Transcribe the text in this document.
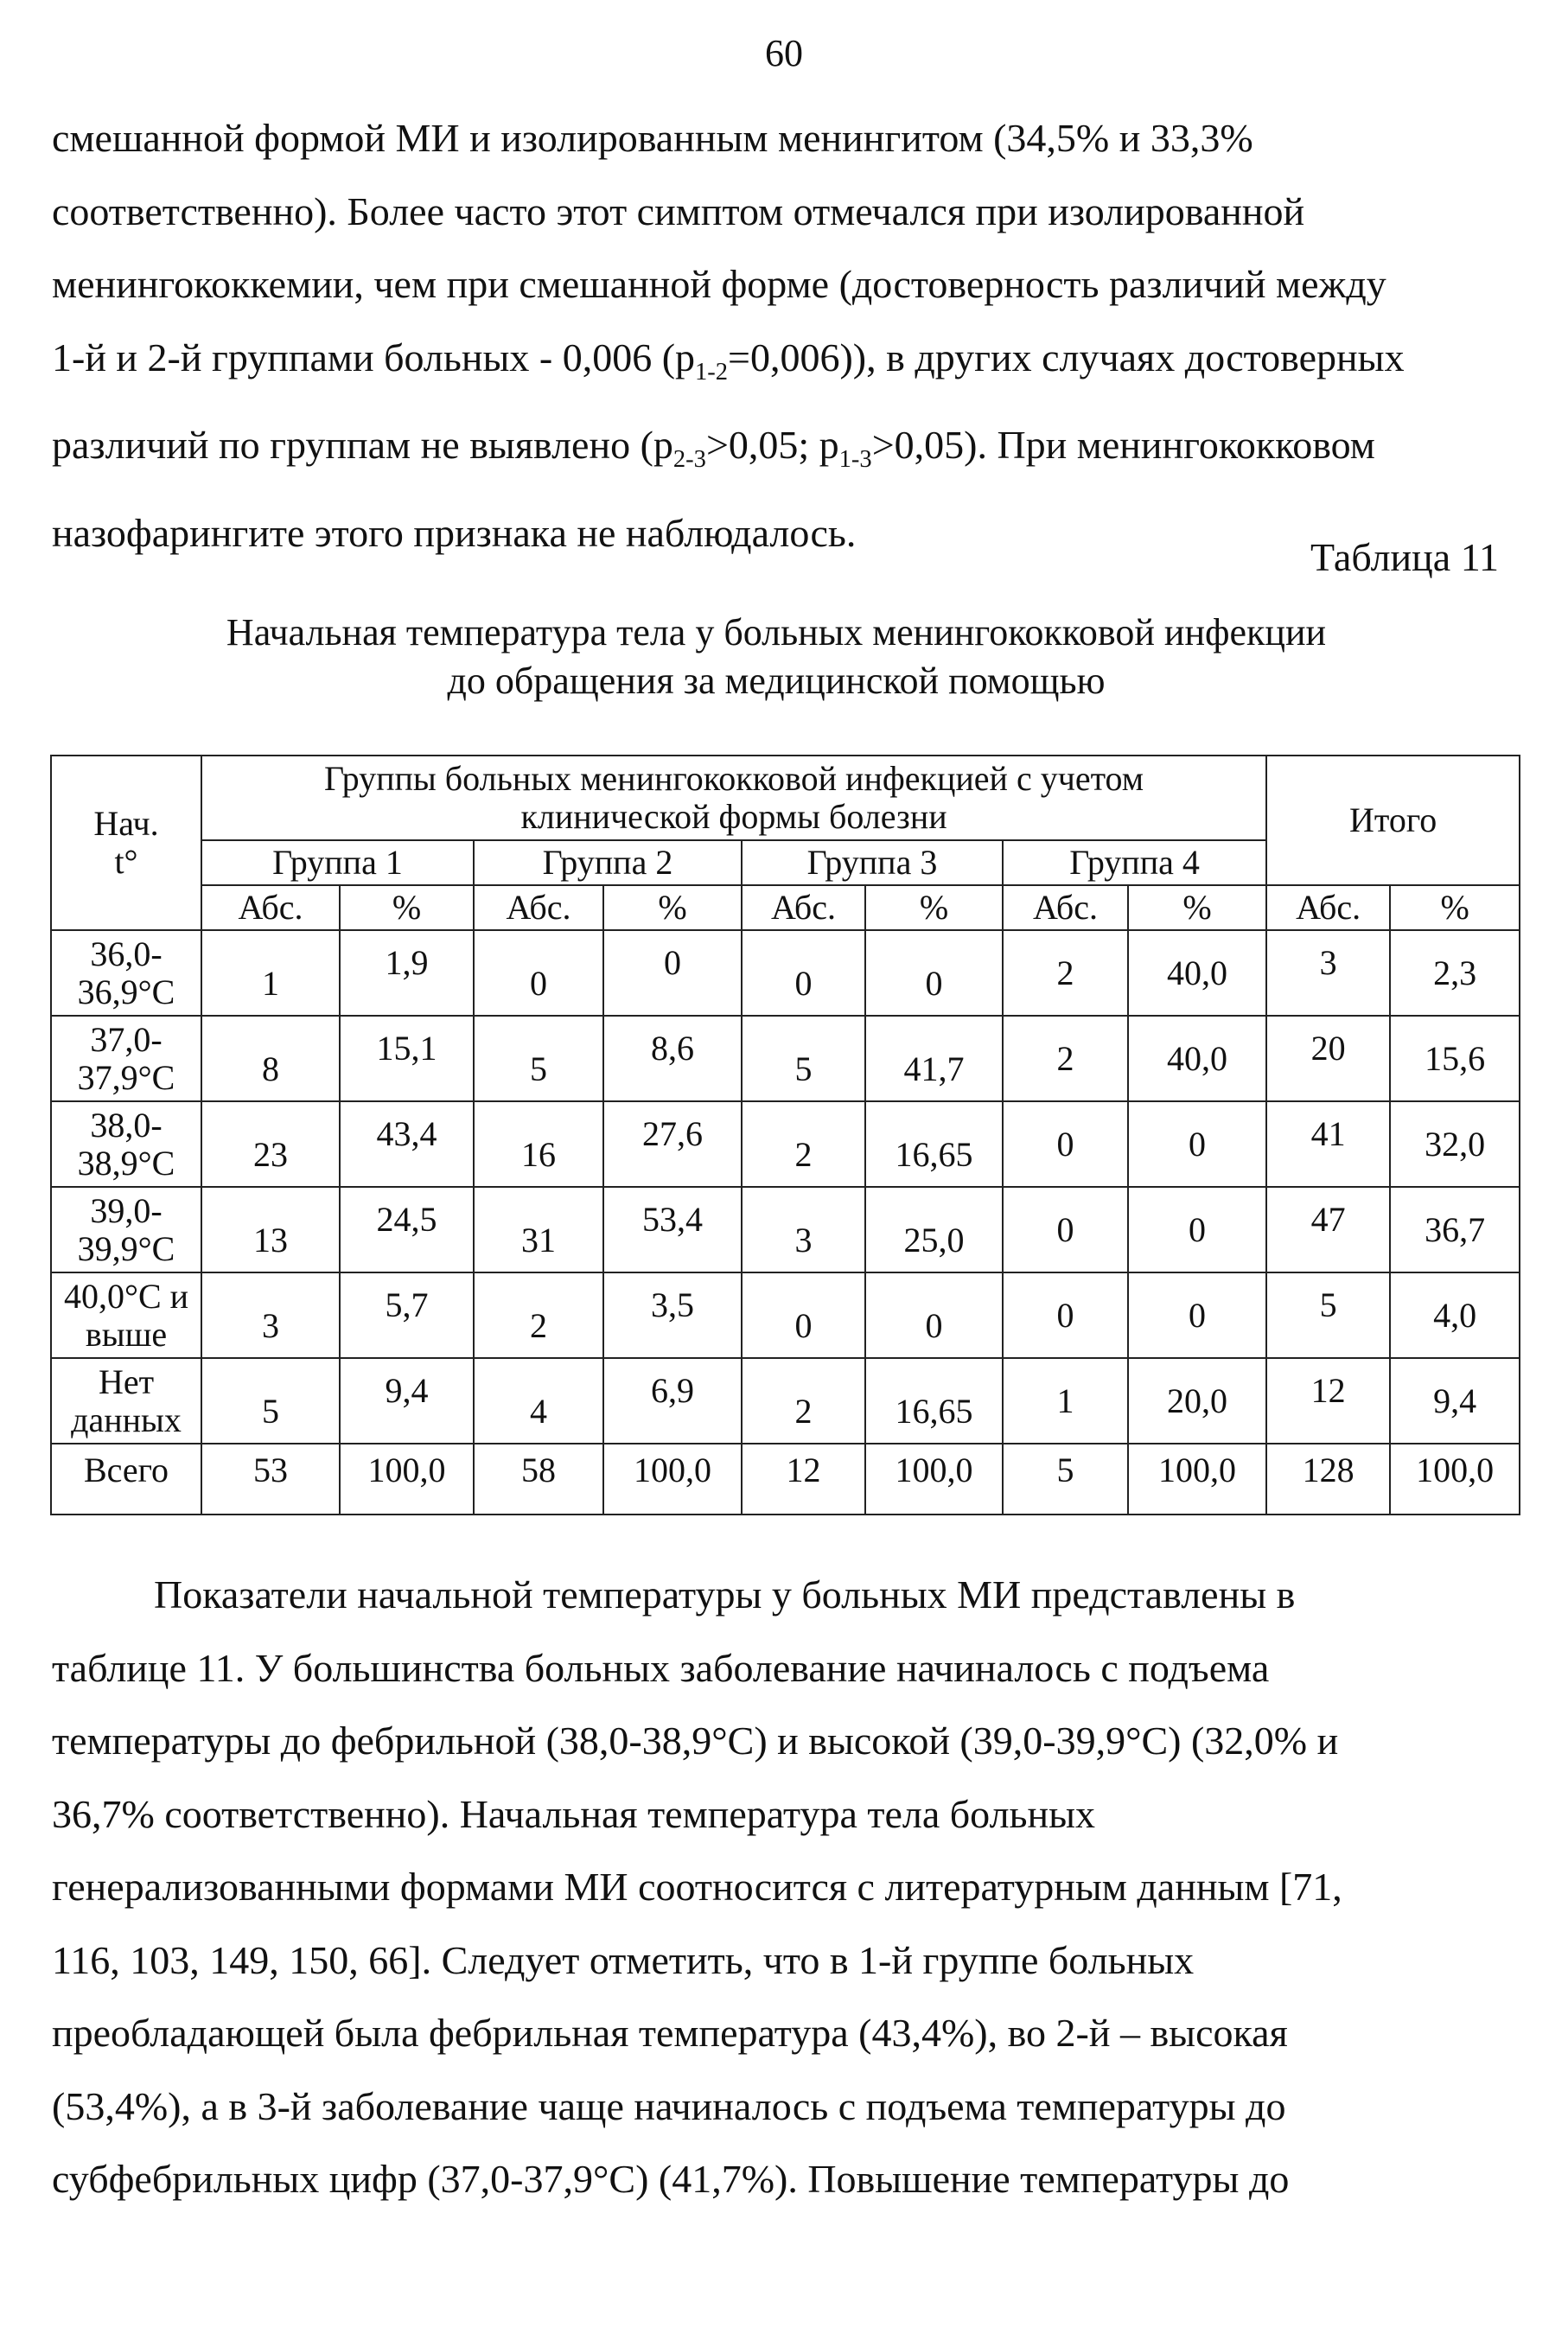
60
смешанной формой МИ и изолированным менингитом (34,5% и 33,3%
соответственно). Более часто этот симптом отмечался при изолированной
менингококкемии, чем при смешанной форме (достоверность различий между
1-й и 2-й группами больных - 0,006 $(p_{1-2}=0,006)$), в других случаях достоверных
различий по группам не выявлено ($p_{2-3}>0,05$; $p_{1-3}>0,05$). При менингококковом
назофарингите этого признака не наблюдалось.
Таблица 11
Начальная температура тела у больных менингококковой инфекции
до обращения за медицинской помощью
Нач. t°	Группы больных менингококковой инфекцией с учетом клинической формы болезни								Итого	
	Группа 1		Группа 2		Группа 3		Группа 4			
	Абс.	%	Абс.	%	Абс.	%	Абс.	%	Абс.	%
36,0-36,9°C	1	1,9	0	0	0	0	2	40,0	3	2,3
37,0-37,9°C	8	15,1	5	8,6	5	41,7	2	40,0	20	15,6
38,0-38,9°C	23	43,4	16	27,6	2	16,65	0	0	41	32,0
39,0-39,9°C	13	24,5	31	53,4	3	25,0	0	0	47	36,7
40,0°C и выше	3	5,7	2	3,5	0	0	0	0	5	4,0
Нет данных	5	9,4	4	6,9	2	16,65	1	20,0	12	9,4
Всего	53	100,0	58	100,0	12	100,0	5	100,0	128	100,0
Показатели начальной температуры у больных МИ представлены в
таблице 11. У большинства больных заболевание начиналось с подъема
температуры до фебрильной (38,0-38,9°C) и высокой (39,0-39,9°C) (32,0% и
36,7% соответственно). Начальная температура тела больных
генерализованными формами МИ соотносится с литературным данным [71,
116, 103, 149, 150, 66]. Следует отметить, что в 1-й группе больных
преобладающей была фебрильная температура (43,4%), во 2-й – высокая
(53,4%), а в 3-й заболевание чаще начиналось с подъема температуры до
субфебрильных цифр (37,0-37,9°C) (41,7%). Повышение температуры до
